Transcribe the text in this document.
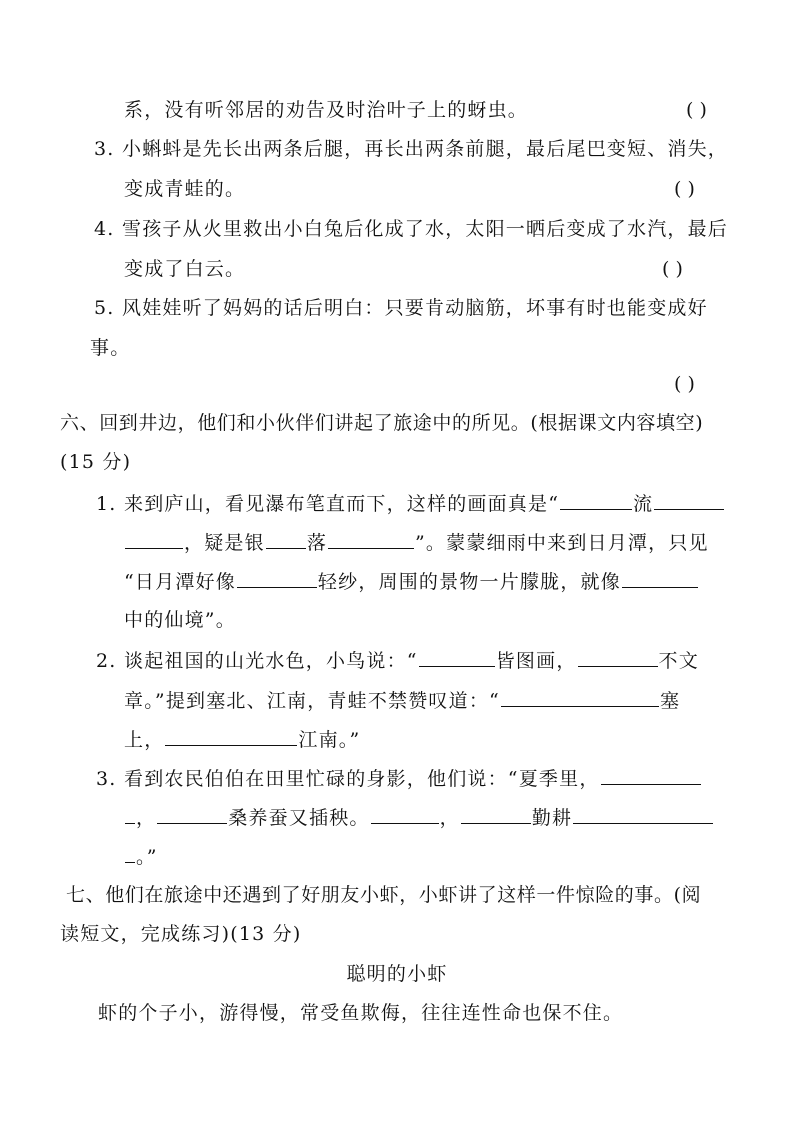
系，没有听邻居的劝告及时治叶子上的蚜虫。	( )
3. 小蝌蚪是先长出两条后腿，再长出两条前腿，最后尾巴变短、消失，
变成青蛙的。	( )
4. 雪孩子从火里救出小白兔后化成了水，太阳一晒后变成了水汽，最后
变成了白云。	( )
5. 风娃娃听了妈妈的话后明白：只要肯动脑筋，坏事有时也能变成好
事。
( )
六、回到井边，他们和小伙伴们讲起了旅途中的所见。(根据课文内容填空)
(15 分)
1. 来到庐山，看见瀑布笔直而下，这样的画面真是“	流
，疑是银 落	”。蒙蒙细雨中来到日月潭，只见
“日月潭好像	轻纱，周围的景物一片朦胧，就像
中的仙境”。
2. 谈起祖国的山光水色，小鸟说：“	皆图画，	不文
章。”提到塞北、江南，青蛙不禁赞叹道：“	塞
上，	江南。”
3. 看到农民伯伯在田里忙碌的身影，他们说：“夏季里，
，	桑养蚕又插秧。	，	勤耕
。”
七、他们在旅途中还遇到了好朋友小虾，小虾讲了这样一件惊险的事。(阅
读短文，完成练习)(13 分)
聪明的小虾
虾的个子小，游得慢，常受鱼欺侮，往往连性命也保不住。
